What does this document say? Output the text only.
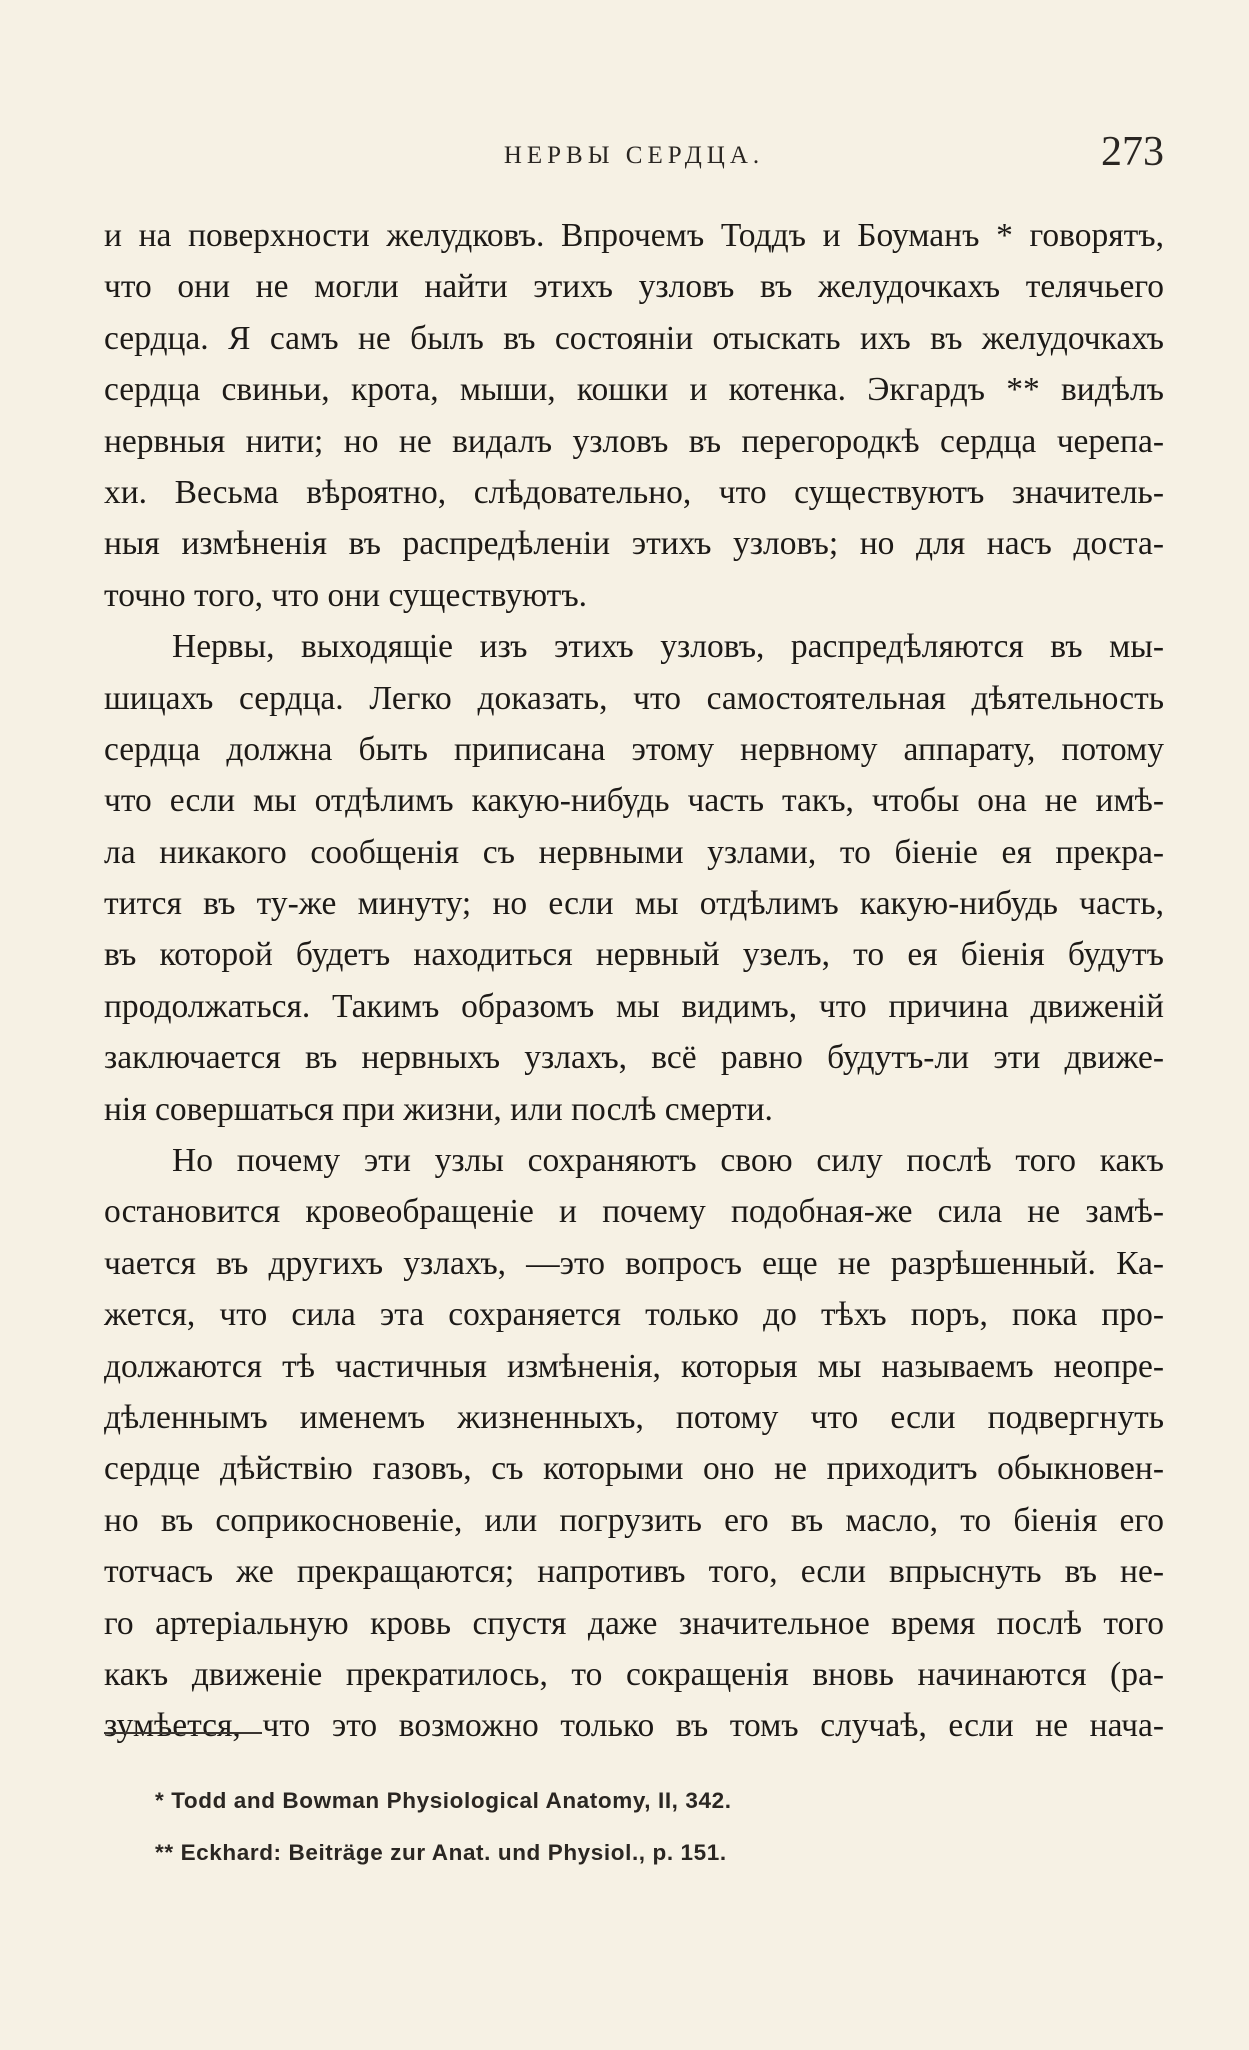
НЕРВЫ СЕРДЦА.	273
и на поверхности желудковъ. Впрочемъ Тоддъ и Боуманъ * говорятъ,
что они не могли найти этихъ узловъ въ желудочкахъ телячьего
сердца. Я самъ не былъ въ состояніи отыскать ихъ въ желудочкахъ
сердца свиньи, крота, мыши, кошки и котенка. Экгардъ ** видѣлъ
нервныя нити; но не видалъ узловъ въ перегородкѣ сердца черепа-
хи. Весьма вѣроятно, слѣдовательно, что существуютъ значитель-
ныя измѣненія въ распредѣленіи этихъ узловъ; но для насъ доста-
точно того, что они существуютъ.
Нервы, выходящіе изъ этихъ узловъ, распредѣляются въ мы-
шицахъ сердца. Легко доказать, что самостоятельная дѣятельность
сердца должна быть приписана этому нервному аппарату, потому
что если мы отдѣлимъ какую-нибудь часть такъ, чтобы она не имѣ-
ла никакого сообщенія съ нервными узлами, то біеніе ея прекра-
тится въ ту-же минуту; но если мы отдѣлимъ какую-нибудь часть,
въ которой будетъ находиться нервный узелъ, то ея біенія будутъ
продолжаться. Такимъ образомъ мы видимъ, что причина движеній
заключается въ нервныхъ узлахъ, всё равно будутъ-ли эти движе-
нія совершаться при жизни, или послѣ смерти.
Но почему эти узлы сохраняютъ свою силу послѣ того какъ
остановится кровеобращеніе и почему подобная-же сила не замѣ-
чается въ другихъ узлахъ, —это вопросъ еще не разрѣшенный. Ка-
жется, что сила эта сохраняется только до тѣхъ поръ, пока про-
должаются тѣ частичныя измѣненія, которыя мы называемъ неопре-
дѣленнымъ именемъ жизненныхъ, потому что если подвергнуть
сердце дѣйствію газовъ, съ которыми оно не приходитъ обыкновен-
но въ соприкосновеніе, или погрузить его въ масло, то біенія его
тотчасъ же прекращаются; напротивъ того, если впрыснуть въ не-
го артеріальную кровь спустя даже значительное время послѣ того
какъ движеніе прекратилось, то сокращенія вновь начинаются (ра-
зумѣется, что это возможно только въ томъ случаѣ, если не нача-
* Todd and Bowman Physiological Anatomy, II, 342.
** Eckhard: Beiträge zur Anat. und Physiol., p. 151.
